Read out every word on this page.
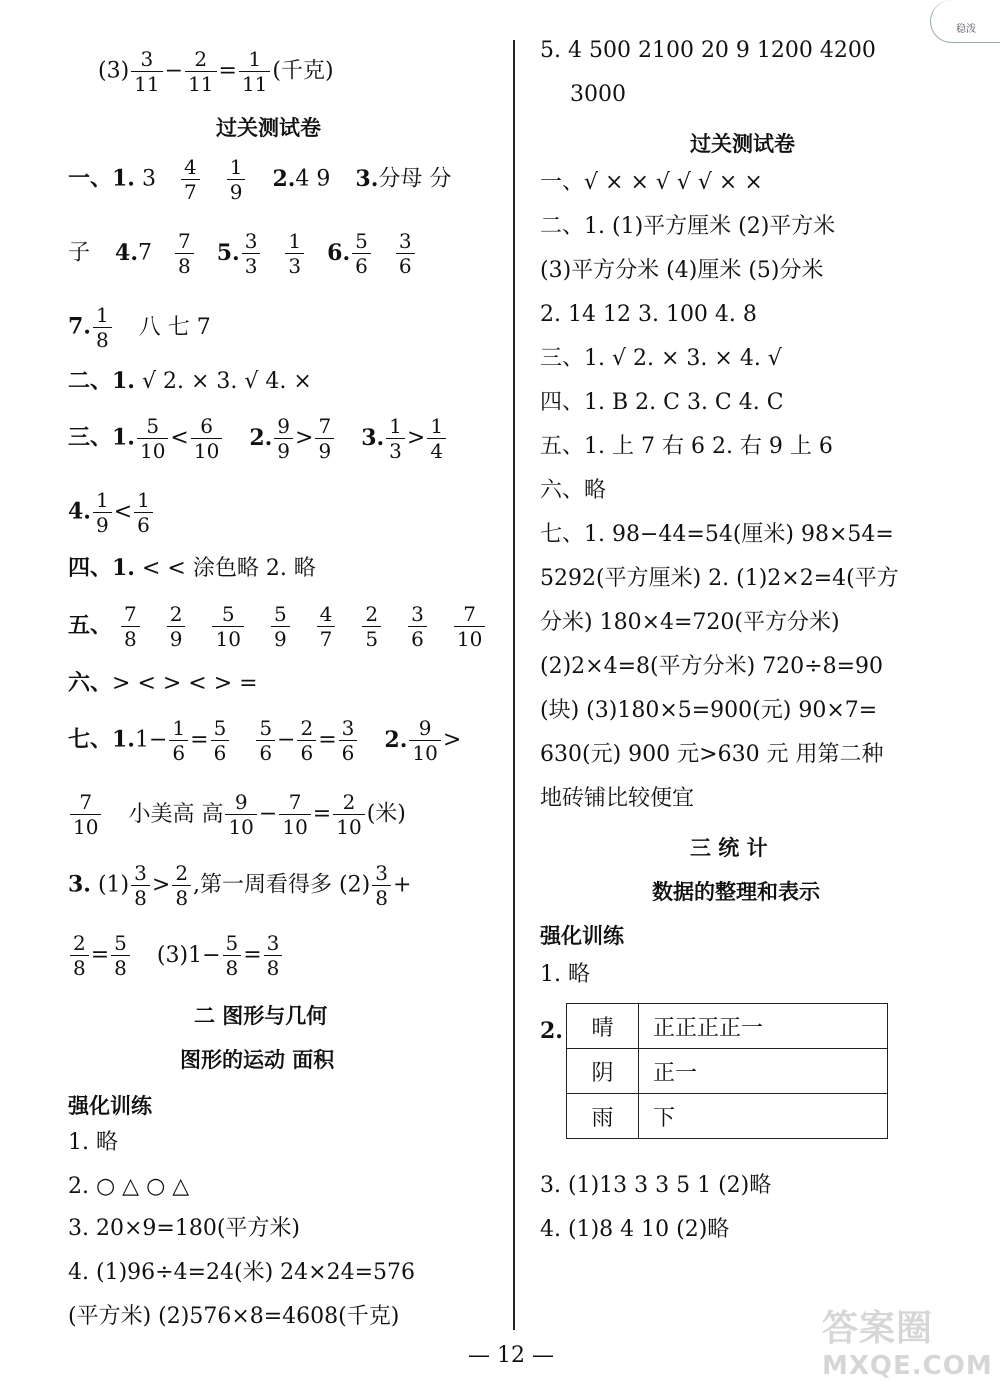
稳泼
$(3) \frac{3}{11} - \frac{2}{11} = \frac{1}{11}$ (千克)
过关测试卷
一、1. $3 \frac{4}{7}$
$\frac{1}{9} 2.4$ 9 3.分母 分
子 $4.7 \frac{7}{8} 5$. $\frac{3}{3}$
$\frac{1}{3} 6$. $\frac{5}{6}$
$\frac{3}{6}$
7. $\frac{1}{8}$ 八 七 7
二、1. √ 2. × 3. √ 4. ×
三、1. $\frac{5}{10} < \frac{6}{10} 2$. $\frac{9}{9} > \frac{7}{9} 3$. $\frac{1}{3} > \frac{1}{4}$
4. $\frac{1}{9} < \frac{1}{6}$
四、1. < < 涂色略 2. 略
五、 $\frac{7}{8}$
$\frac{2}{9}$
$\frac{5}{10}$
$\frac{5}{9}$
$\frac{4}{7}$
$\frac{2}{5}$
$\frac{3}{6}$
$\frac{7}{10}$
六、> < > < > =
七、$1.1- \frac{1}{6} = \frac{5}{6}$
$\frac{5}{6} - \frac{2}{6} = \frac{3}{6} 2$. $\frac{9}{10}$ >
$\frac{7}{10}$ 小美高 高 $\frac{9}{10} - \frac{7}{10} = \frac{2}{10}$ (米)
3. $(1) \frac{3}{8} > \frac{2}{8}$ ,第一周看得多 $(2) \frac{3}{8}$ +
$\frac{2}{8} = \frac{5}{8} (3)1- \frac{5}{8} = \frac{3}{8}$
二 图形与几何
图形的运动 面积
强化训练
1. 略
2. ○ △ ○ △
3. 20×9=180(平方米)
4. (1)96÷4=24(米) 24×24=576
(平方米) (2)576×8=4608(千克)
5. 4 500 2100 20 9 1200 4200
3000
过关测试卷
一、√ × × √ √ √ × ×
二、1. (1)平方厘米 (2)平方米
(3)平方分米 (4)厘米 (5)分米
2. 14 12 3. 100 4. 8
三、1. √ 2. × 3. × 4. √
四、1. B 2. C 3. C 4. C
五、1. 上 7 右 6 2. 右 9 上 6
六、略
七、1. 98−44=54(厘米) 98×54=
5292(平方厘米) 2. (1)2×2=4(平方
分米) 180×4=720(平方分米)
(2)2×4=8(平方分米) 720÷8=90
(块) (3)180×5=900(元) 90×7=
630(元) 900 元>630 元 用第二种
地砖铺比较便宜
三 统 计
数据的整理和表示
强化训练
1. 略
2. 晴	正正正正一
阴	正一
雨	下
3. (1)13 3 3 5 1 (2)略
4. (1)8 4 10 (2)略
— 12 —
答案圈
MXQE.COM
